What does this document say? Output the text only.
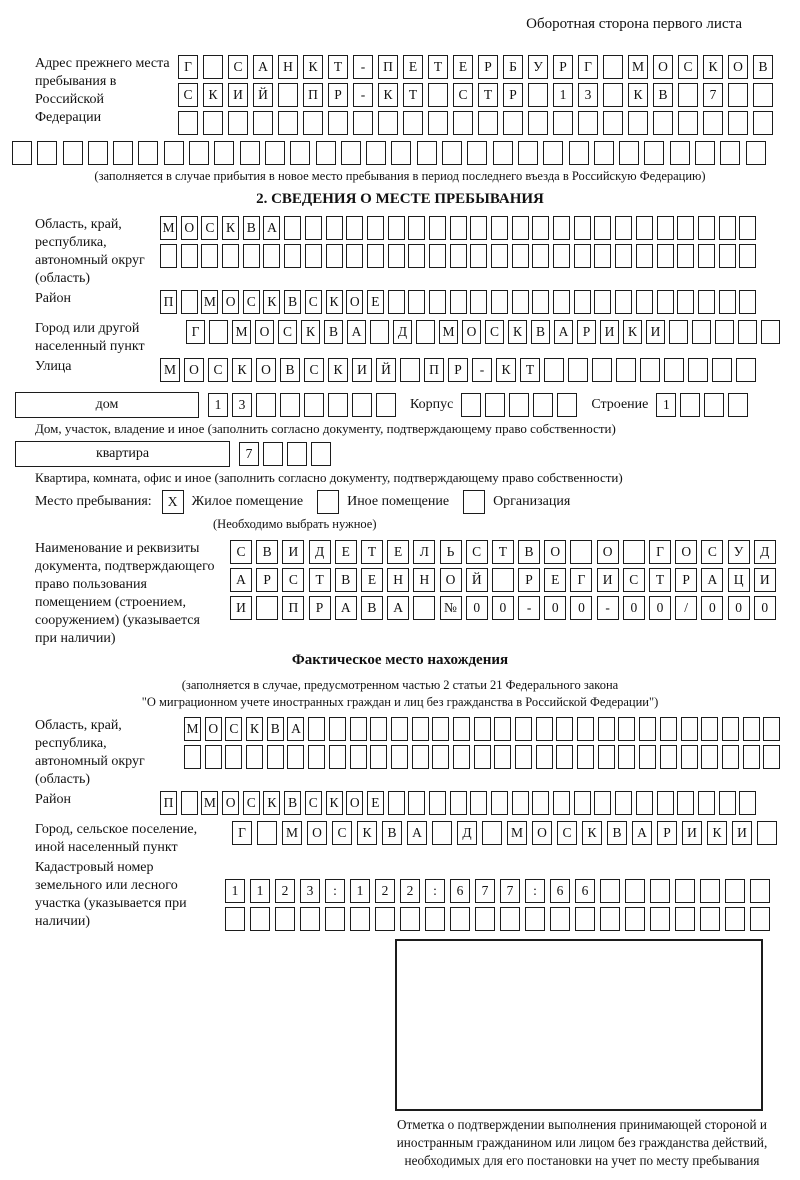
Оборотная сторона первого листа
Адрес прежнего места пребывания в Российской Федерации
Г	С	А	Н	К	Т	-	П	Е	Т	Е	Р	Б	У	Р	Г	М	О	С	К	О	В
С	К	И	Й	П	Р	-	К	Т	С	Т	Р	1	3	К	В	7
(заполняется в случае прибытия в новое место пребывания в период последнего въезда в Российскую Федерацию)
2. СВЕДЕНИЯ О МЕСТЕ ПРЕБЫВАНИЯ
Область, край, республика, автономный округ (область)
М О С К В А
Район	П М О С К В С К О Е
Город или другой населенный пункт
Г	М О	С	К	В	А	Д	М О	С	К	В	А	Р	И	К	И
Улица	М О	С	К	О	В	С	К	И	Й	П	Р	-	К	Т
дом	1	3	Корпус	Строение	1
Дом, участок, владение и иное (заполнить согласно документу, подтверждающему право собственности)
квартира	7
Квартира, комната, офис и иное (заполнить согласно документу, подтверждающему право собственности)
Место пребывания:	X	Жилое помещение	Иное помещение	Организация
(Необходимо выбрать нужное)
Наименование и реквизиты документа, подтверждающего право пользования помещением (строением, сооружением) (указывается при наличии)
С	В	И	Д	Е	Т	Е	Л	Ь	С	Т	В	О	О	Г	О	С	У	Д
А	Р	С	Т	В	Е	Н	Н	О	Й	Р	Е	Г	И	С	Т	Р	А	Ц	И
И	П	Р	А	В	А	№	0	0	-	0	0	-	0	0	/	0	0	0
Фактическое место нахождения
(заполняется в случае, предусмотренном частью 2 статьи 21 Федерального закона
"О миграционном учете иностранных граждан и лиц без гражданства в Российской Федерации")
Область, край, республика, автономный округ (область)
М О С К В А
Район	П М О С К В С К О Е
Город, сельское поселение, иной населенный пункт
Г	М	О	С	К	В	А	Д	М	О	С	К	В	А	Р	И	К	И
Кадастровый номер земельного или лесного участка (указывается при наличии)
1	1	2	3	:	1	2	2	:	6	7	7	:	6	6
Отметка о подтверждении выполнения принимающей стороной и иностранным гражданином или лицом без гражданства действий, необходимых для его постановки на учет по месту пребывания
